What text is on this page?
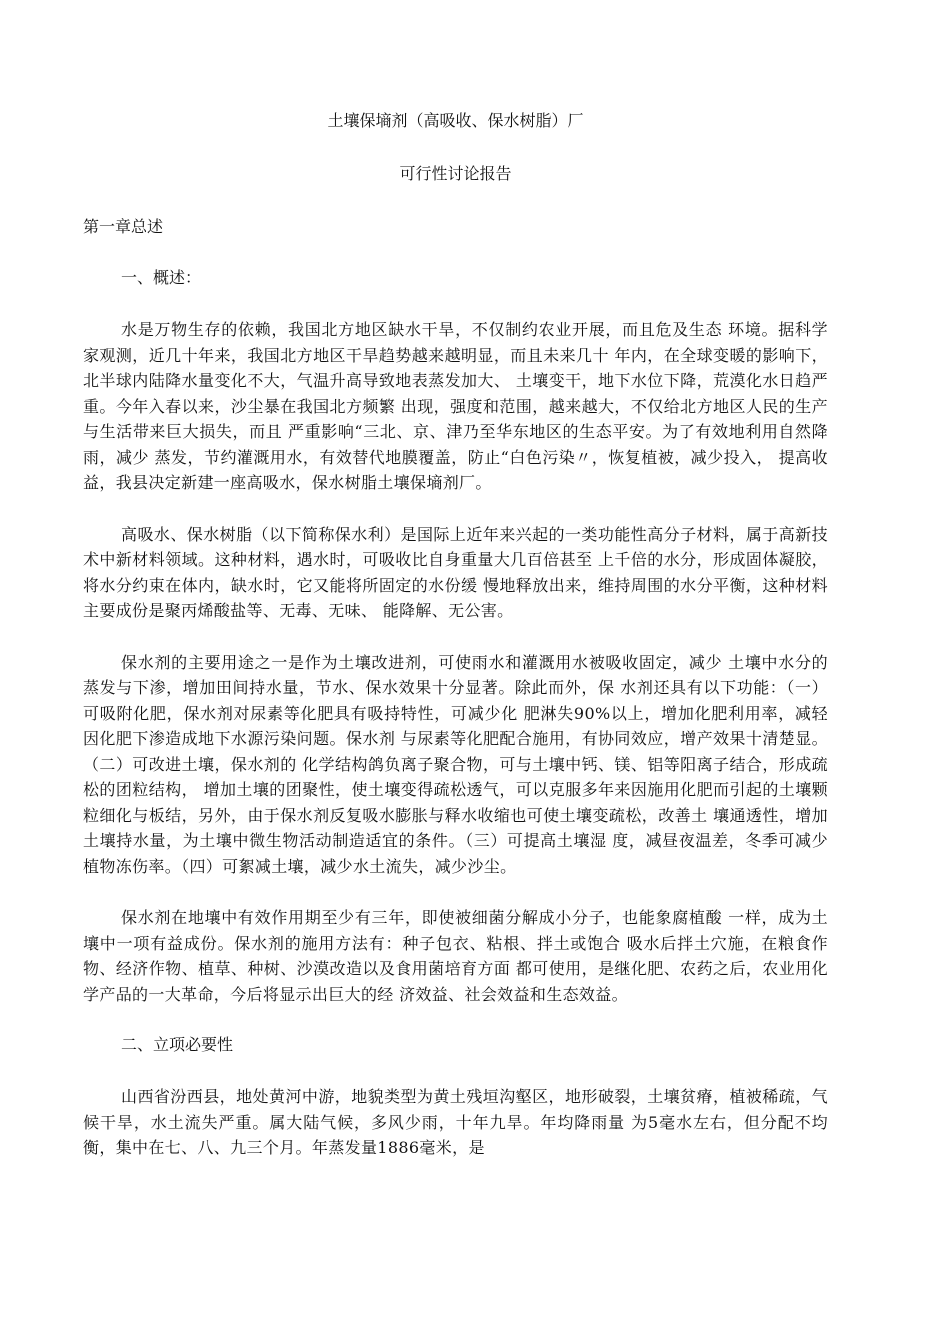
土壤保墒剂（高吸收、保水树脂）厂

可行性讨论报告

第一章总述

一、概述：

水是万物生存的依赖，我国北方地区缺水干旱，不仅制约农业开展，而且危及生态 环境。据科学家观测，近几十年来，我国北方地区干旱趋势越来越明显，而且未来几十 年内，在全球变暖的影响下，北半球内陆降水量变化不大，气温升高导致地表蒸发加大、 土壤变干，地下水位下降，荒漠化水日趋严重。今年入春以来，沙尘暴在我国北方频繁 出现，强度和范围，越来越大，不仅给北方地区人民的生产与生活带来巨大损失，而且 严重影响“三北、京、津乃至华东地区的生态平安。为了有效地利用自然降雨，减少 蒸发，节约灌溉用水，有效替代地膜覆盖，防止“白色污染〃，恢复植被，减少投入， 提高收益，我县决定新建一座高吸水，保水树脂土壤保墒剂厂。

高吸水、保水树脂（以下简称保水利）是国际上近年来兴起的一类功能性高分子材料，属于高新技术中新材料领域。这种材料，遇水时，可吸收比自身重量大几百倍甚至 上千倍的水分，形成固体凝胶，将水分约束在体内，缺水时，它又能将所固定的水份缓 慢地释放出来，维持周围的水分平衡，这种材料主要成份是聚丙烯酸盐等、无毒、无味、 能降解、无公害。

保水剂的主要用途之一是作为土壤改进剂，可使雨水和灌溉用水被吸收固定，减少 土壤中水分的蒸发与下渗，增加田间持水量，节水、保水效果十分显著。除此而外，保 水剂还具有以下功能：（一）可吸附化肥，保水剂对尿素等化肥具有吸持特性，可减少化 肥淋失90%以上，增加化肥利用率，减轻因化肥下渗造成地下水源污染问题。保水剂 与尿素等化肥配合施用，有协同效应，增产效果十清楚显。（二）可改进土壤，保水剂的 化学结构鸽负离子聚合物，可与土壤中钙、镁、铝等阳离子结合，形成疏松的团粒结构， 增加土壤的团聚性，使土壤变得疏松透气，可以克服多年来因施用化肥而引起的土壤颗 粒细化与板结，另外，由于保水剂反复吸水膨胀与释水收缩也可使土壤变疏松，改善土 壤通透性，增加土壤持水量，为土壤中微生物活动制造适宜的条件。（三）可提高土壤湿 度，减昼夜温差，冬季可减少植物冻伤率。（四）可絮减土壤，减少水土流失，减少沙尘。

保水剂在地壤中有效作用期至少有三年，即使被细菌分解成小分子，也能象腐植酸 一样，成为土壤中一项有益成份。保水剂的施用方法有：种子包衣、粘根、拌土或饱合 吸水后拌土穴施，在粮食作物、经济作物、植草、种树、沙漠改造以及食用菌培育方面 都可使用，是继化肥、农药之后，农业用化学产品的一大革命，今后将显示出巨大的经 济效益、社会效益和生态效益。

二、立项必要性

山西省汾西县，地处黄河中游，地貌类型为黄土残垣沟壑区，地形破裂，土壤贫瘠，植被稀疏，气候干旱，水土流失严重。属大陆气候，多风少雨，十年九旱。年均降雨量 为5毫水左右，但分配不均衡，集中在七、八、九三个月。年蒸发量1886毫米，是
